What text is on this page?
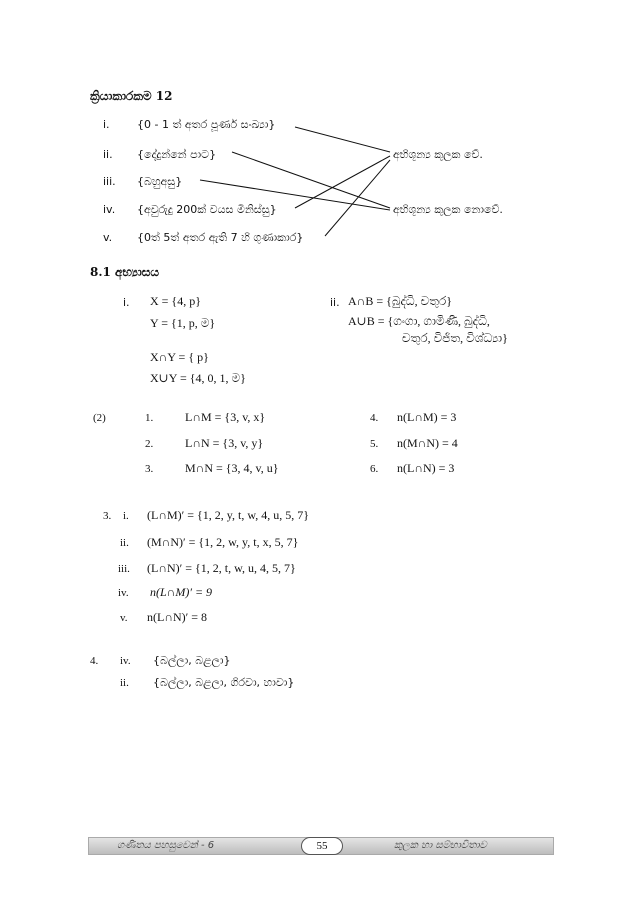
ක්‍රියාකාරකම 12
i. {0 - 1 ත් අතර පූර්ණ සංඛ්‍යා}
ii. {දේදුන්නේ පාට}
iii. {බහුඅසු}
iv. {අවුරුදු 200ක් වයස මිනිස්සු}
v. {0ත් 5ත් අතර ඇති 7 හි ගුණාකාර}
අභිශූන්‍ය කුලක වේ.
අභිශූන්‍ය කුලක නොවේ.
8.1 අභ්‍යාසය
i. X = {4, p}
Y = {1, p, ම}
X∩Y = { p}
X∪Y = {4, 0, 1, ම}
ii. A∩B = {බුද්ධි, චතුර}
A∪B = {ගංගා, ගාමිණී, බුද්ධි,
චතුර, විජිත, විශ්ධ්‍යා}
(2)	1.	L∩M = {3, v, x}
2.	L∩N = {3, v, y}
3.	M∩N = {3, 4, v, u}
4. n(L∩M) = 3
5. n(M∩N) = 4
6. n(L∩N) = 3
3. i. (L∩M)′ = {1, 2, y, t, w, 4, u, 5, 7}
ii. (M∩N)′ = {1, 2, w, y, t, x, 5, 7}
iii. (L∩N)′ = {1, 2, t, w, u, 4, 5, 7}
iv. n(L∩M)′ = 9
v. n(L∩N)′ = 8
4. iv. {බල්ලා, බළලා}
ii. {බල්ලා, බළලා, ගිරවා, හාවා}
ගණිතය පහසුවෙන් - 6	55	කුලක හා සම්භාවිතාව
